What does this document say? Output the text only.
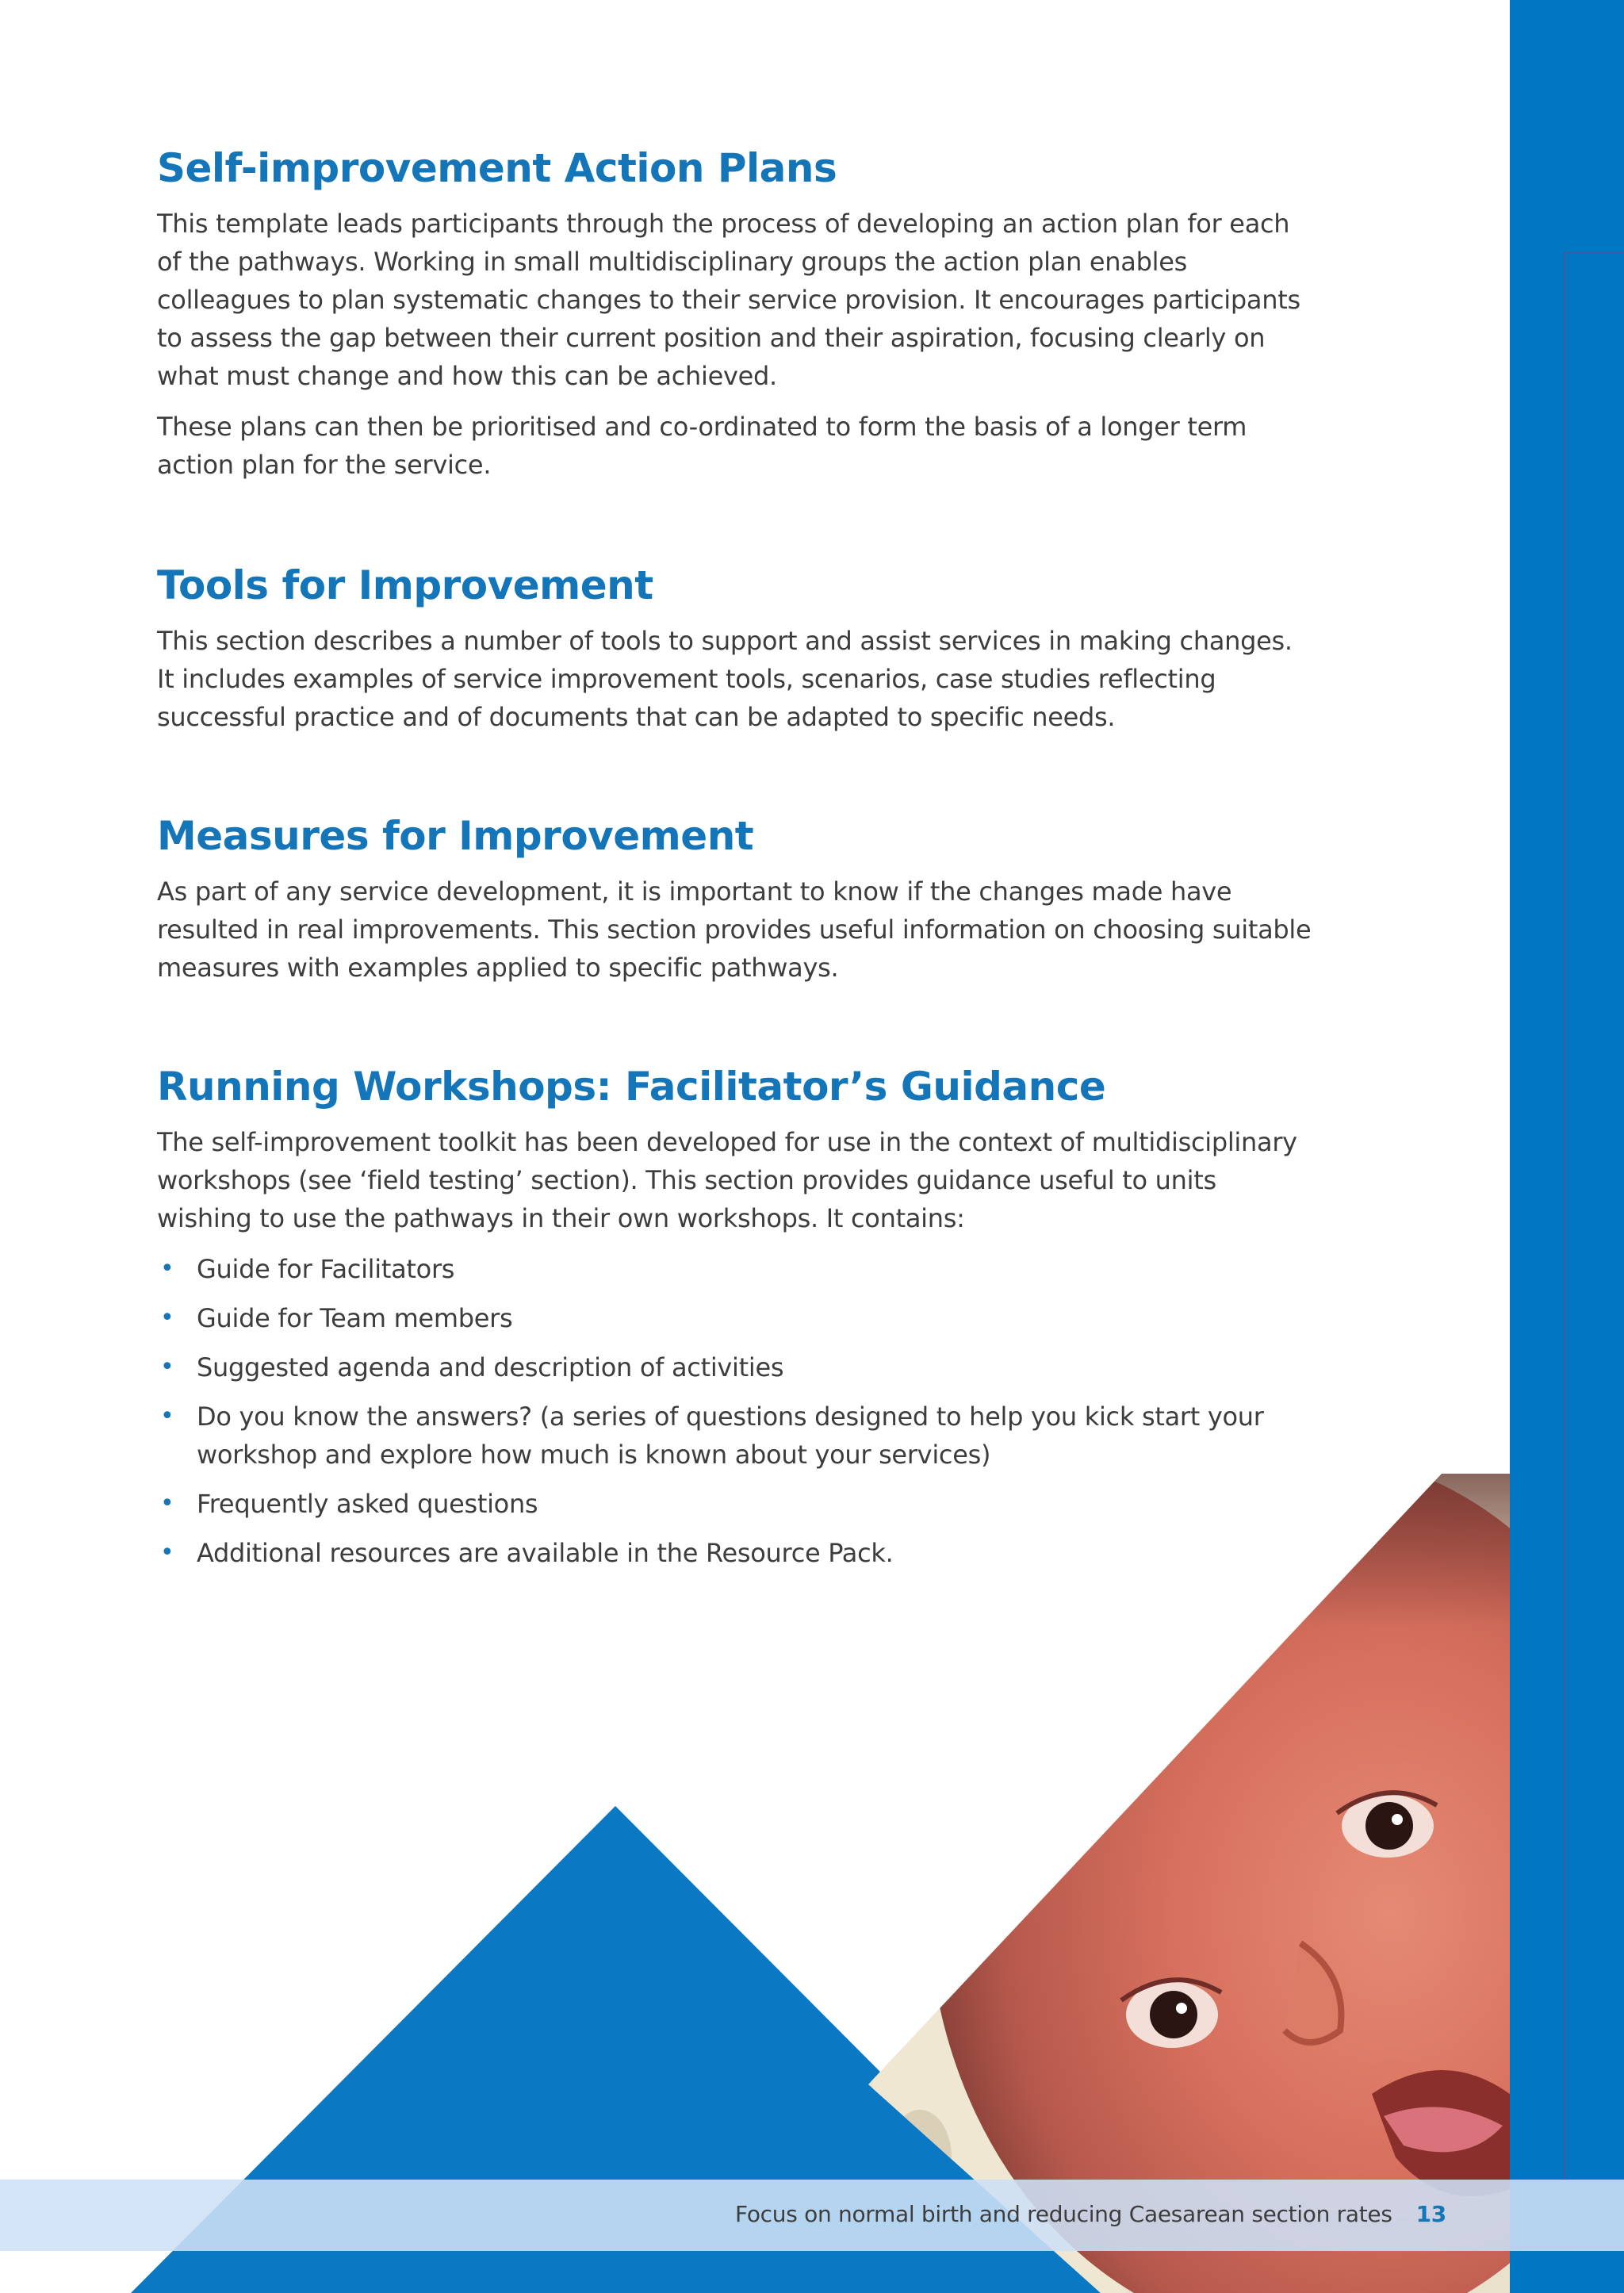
Self-improvement Action Plans

This template leads participants through the process of developing an action plan for each of the pathways. Working in small multidisciplinary groups the action plan enables colleagues to plan systematic changes to their service provision. It encourages participants to assess the gap between their current position and their aspiration, focusing clearly on what must change and how this can be achieved.

These plans can then be prioritised and co-ordinated to form the basis of a longer term action plan for the service.

Tools for Improvement

This section describes a number of tools to support and assist services in making changes. It includes examples of service improvement tools, scenarios, case studies reflecting successful practice and of documents that can be adapted to specific needs.

Measures for Improvement

As part of any service development, it is important to know if the changes made have resulted in real improvements. This section provides useful information on choosing suitable measures with examples applied to specific pathways.

Running Workshops: Facilitator’s Guidance

The self-improvement toolkit has been developed for use in the context of multidisciplinary workshops (see ‘field testing’ section). This section provides guidance useful to units wishing to use the pathways in their own workshops. It contains:

• Guide for Facilitators
• Guide for Team members
• Suggested agenda and description of activities
• Do you know the answers? (a series of questions designed to help you kick start your workshop and explore how much is known about your services)
• Frequently asked questions
• Additional resources are available in the Resource Pack.
Focus on normal birth and reducing Caesarean section rates 13
